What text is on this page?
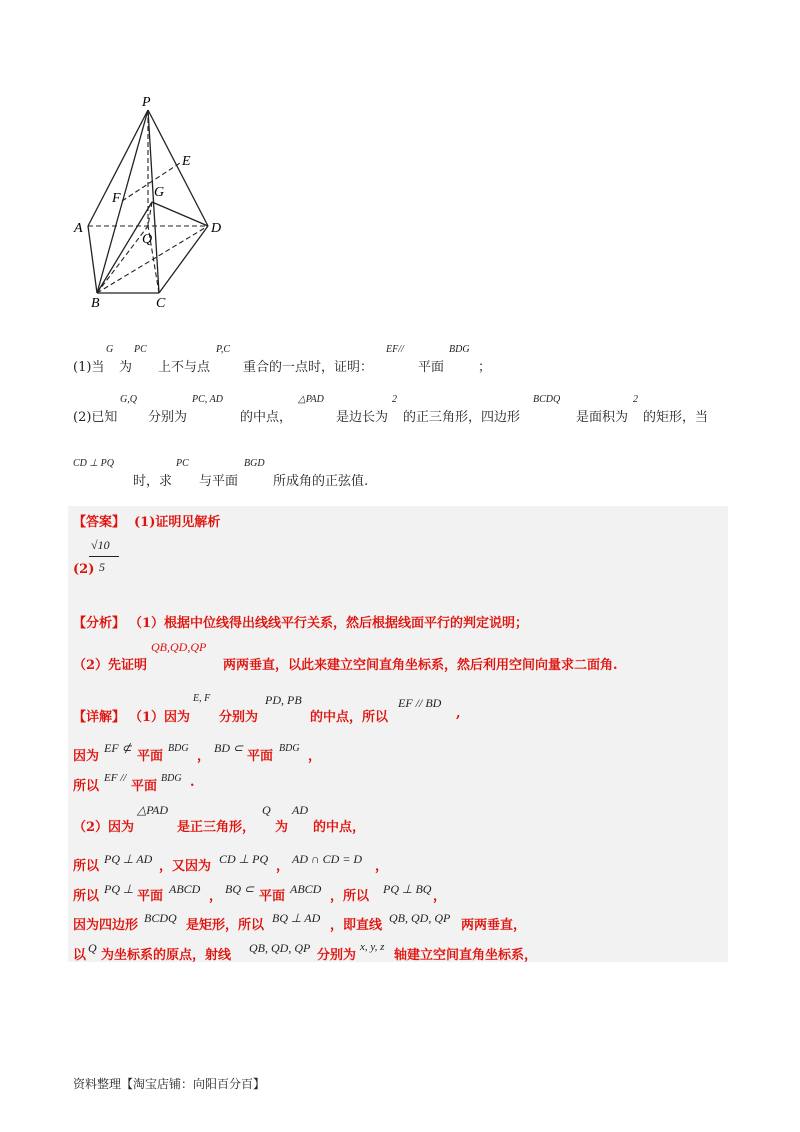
P
E
F G
A
Q
D
B	C
(1)当
G
为
PC
上不与点
P,C
重合的一点时，证明：
EF//
平面
BDG
；
(2)已知
G,Q
分别为
PC, AD
的中点，
△PAD
是边长为
2
的正三角形，四边形
BCDQ
是面积为
2
的矩形，当
CD ⊥ PQ
时，求
PC
与平面
BGD
所成角的正弦值.
【答案】 (1)证明见解析
(2)
√10
5
【分析】 （1）根据中位线得出线线平行关系，然后根据线面平行的判定说明；
（2）先证明
QB,QD,QP
两两垂直，以此来建立空间直角坐标系，然后利用空间向量求二面角.
【详解】 （1）因为
E, F
分别为
PD, PB
的中点，所以
EF // BD
,
因为
EF ⊄
平面
BDG
，
BD ⊂
平面
BDG
，
所以
EF //
平面
BDG .
（2）因为
△PAD
是正三角形，
Q
为
AD
的中点，
所以 PQ ⊥ AD ，又因为 CD ⊥ PQ ， AD ∩ CD = D ，
所以 PQ ⊥ 平面 ABCD ， BQ ⊂ 平面 ABCD ，所以 PQ ⊥ BQ ，
因为四边形 BCDQ 是矩形，所以 BQ ⊥ AD ，即直线 QB, QD, QP 两两垂直，
以 Q 为坐标系的原点，射线 QB, QD, QP 分别为
x, y, z
轴建立空间直角坐标系，
资料整理【淘宝店铺：向阳百分百】
